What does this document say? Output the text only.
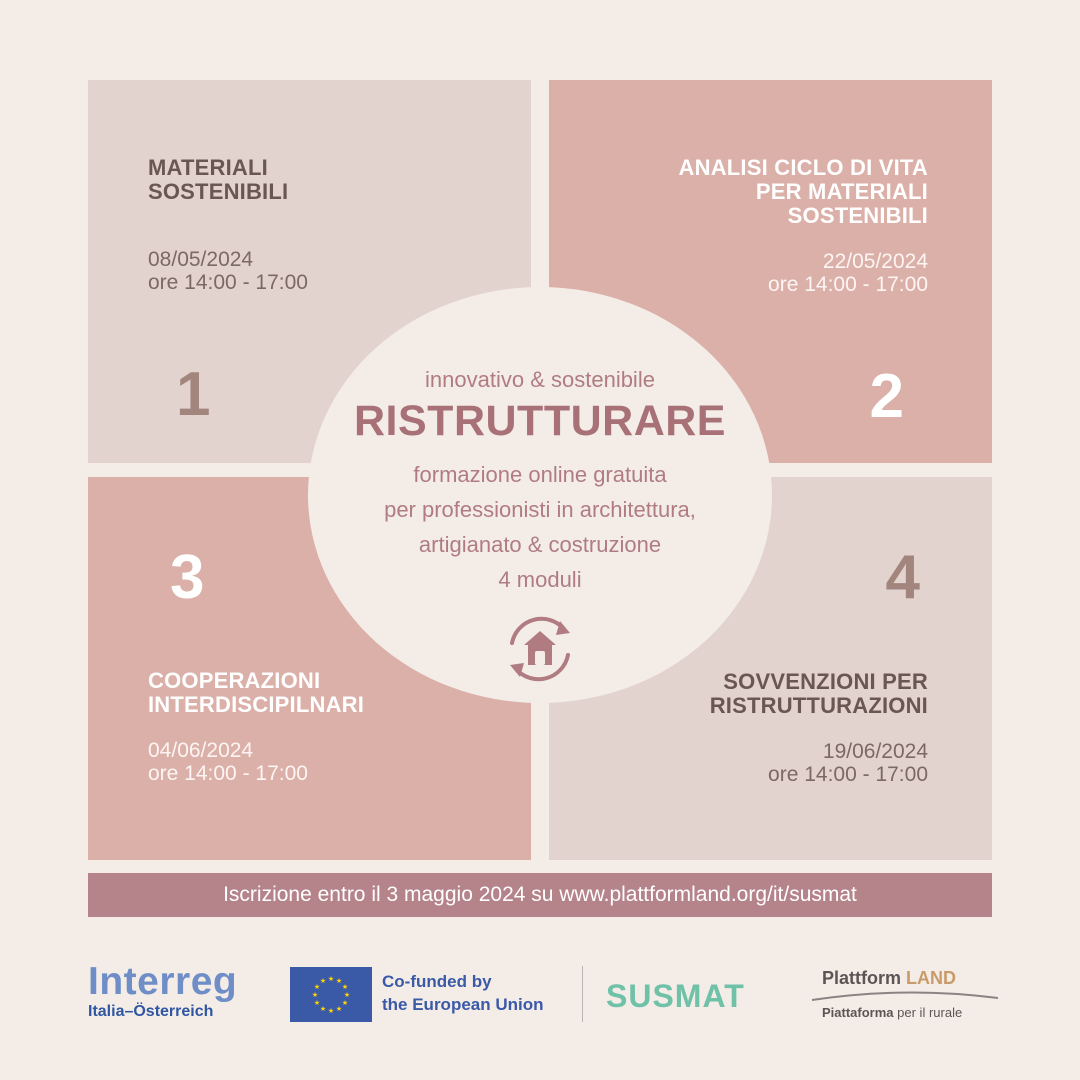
MATERIALI
SOSTENIBILI

08/05/2024

ore 14:00 - 17:00

1

ANALISI CICLO DI VITA
PER MATERIALI
SOSTENIBILI

22/05/2024

ore 14:00 - 17:00

2

3

COOPERAZIONI
INTERDISCIPILNARI

04/06/2024

ore 14:00 - 17:00

4

SOVVENZIONI PER
RISTRUTTURAZIONI

19/06/2024

ore 14:00 - 17:00

innovativo & sostenibile

RISTRUTTURARE

formazione online gratuita
per professionisti in architettura,
artigianato & costruzione
4 moduli

Iscrizione entro il 3 maggio 2024 su www.plattformland.org/it/susmat
Interreg
Italia–Österreich
★ ★
★
★
★
★
★
★
★
★
★
★	Co-funded by
the European Union SUSMAT	Plattform LAND
Piattaforma per il rurale
